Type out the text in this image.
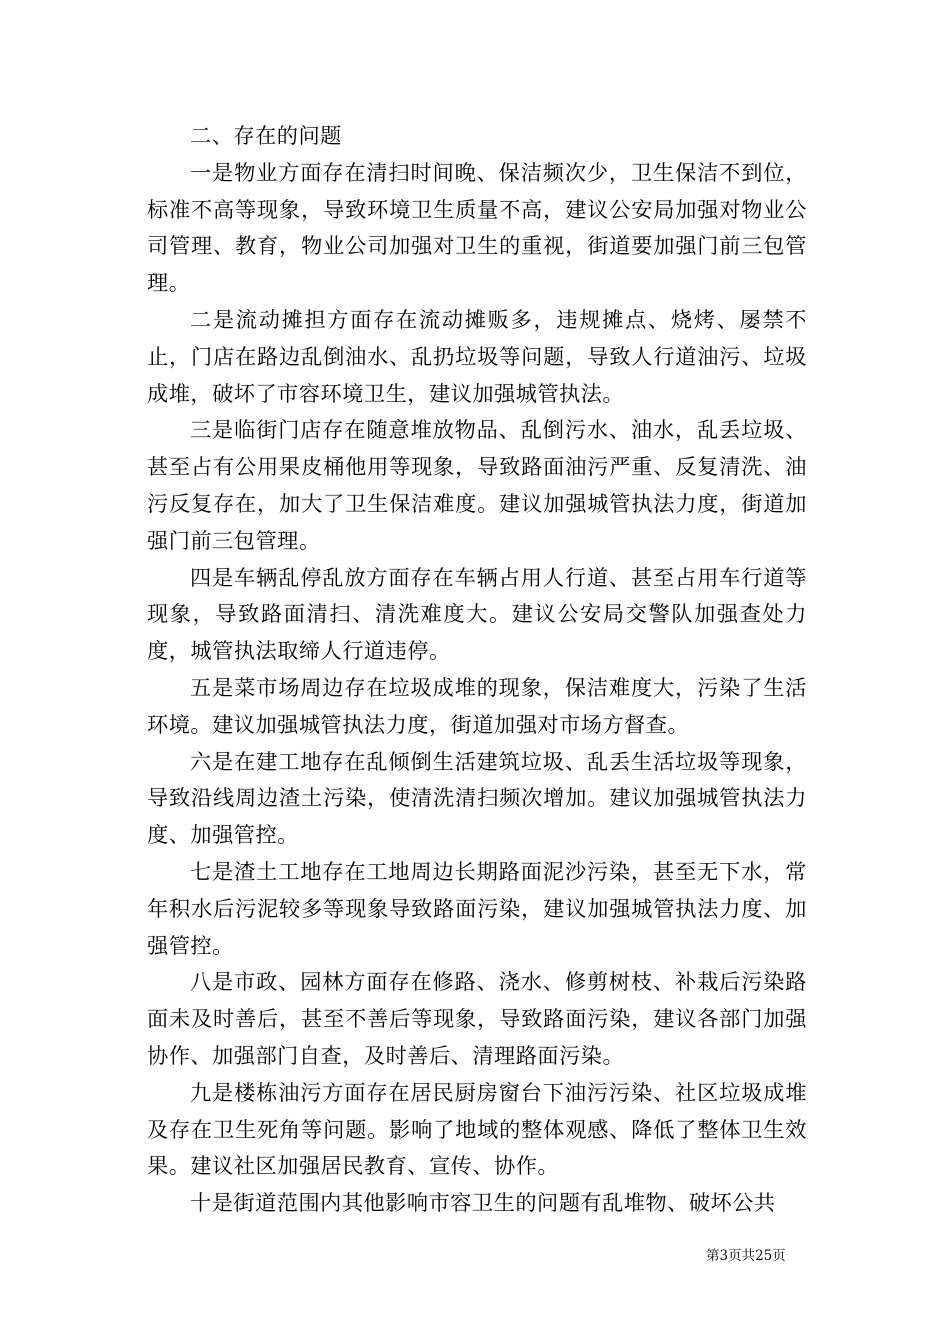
二、存在的问题

一是物业方面存在清扫时间晚、保洁频次少，卫生保洁不到位，标准不高等现象，导致环境卫生质量不高，建议公安局加强对物业公司管理、教育，物业公司加强对卫生的重视，街道要加强门前三包管理。

二是流动摊担方面存在流动摊贩多，违规摊点、烧烤、屡禁不止，门店在路边乱倒油水、乱扔垃圾等问题，导致人行道油污、垃圾成堆，破坏了市容环境卫生，建议加强城管执法。

三是临街门店存在随意堆放物品、乱倒污水、油水，乱丢垃圾、甚至占有公用果皮桶他用等现象，导致路面油污严重、反复清洗、油污反复存在，加大了卫生保洁难度。建议加强城管执法力度，街道加强门前三包管理。

四是车辆乱停乱放方面存在车辆占用人行道、甚至占用车行道等现象，导致路面清扫、清洗难度大。建议公安局交警队加强查处力度，城管执法取缔人行道违停。

五是菜市场周边存在垃圾成堆的现象，保洁难度大，污染了生活环境。建议加强城管执法力度，街道加强对市场方督查。

六是在建工地存在乱倾倒生活建筑垃圾、乱丢生活垃圾等现象，导致沿线周边渣土污染，使清洗清扫频次增加。建议加强城管执法力度、加强管控。

七是渣土工地存在工地周边长期路面泥沙污染，甚至无下水，常年积水后污泥较多等现象导致路面污染，建议加强城管执法力度、加强管控。

八是市政、园林方面存在修路、浇水、修剪树枝、补栽后污染路面未及时善后，甚至不善后等现象，导致路面污染，建议各部门加强协作、加强部门自查，及时善后、清理路面污染。

九是楼栋油污方面存在居民厨房窗台下油污污染、社区垃圾成堆及存在卫生死角等问题。影响了地域的整体观感、降低了整体卫生效果。建议社区加强居民教育、宣传、协作。

十是街道范围内其他影响市容卫生的问题有乱堆物、破坏公共

第3页共25页
